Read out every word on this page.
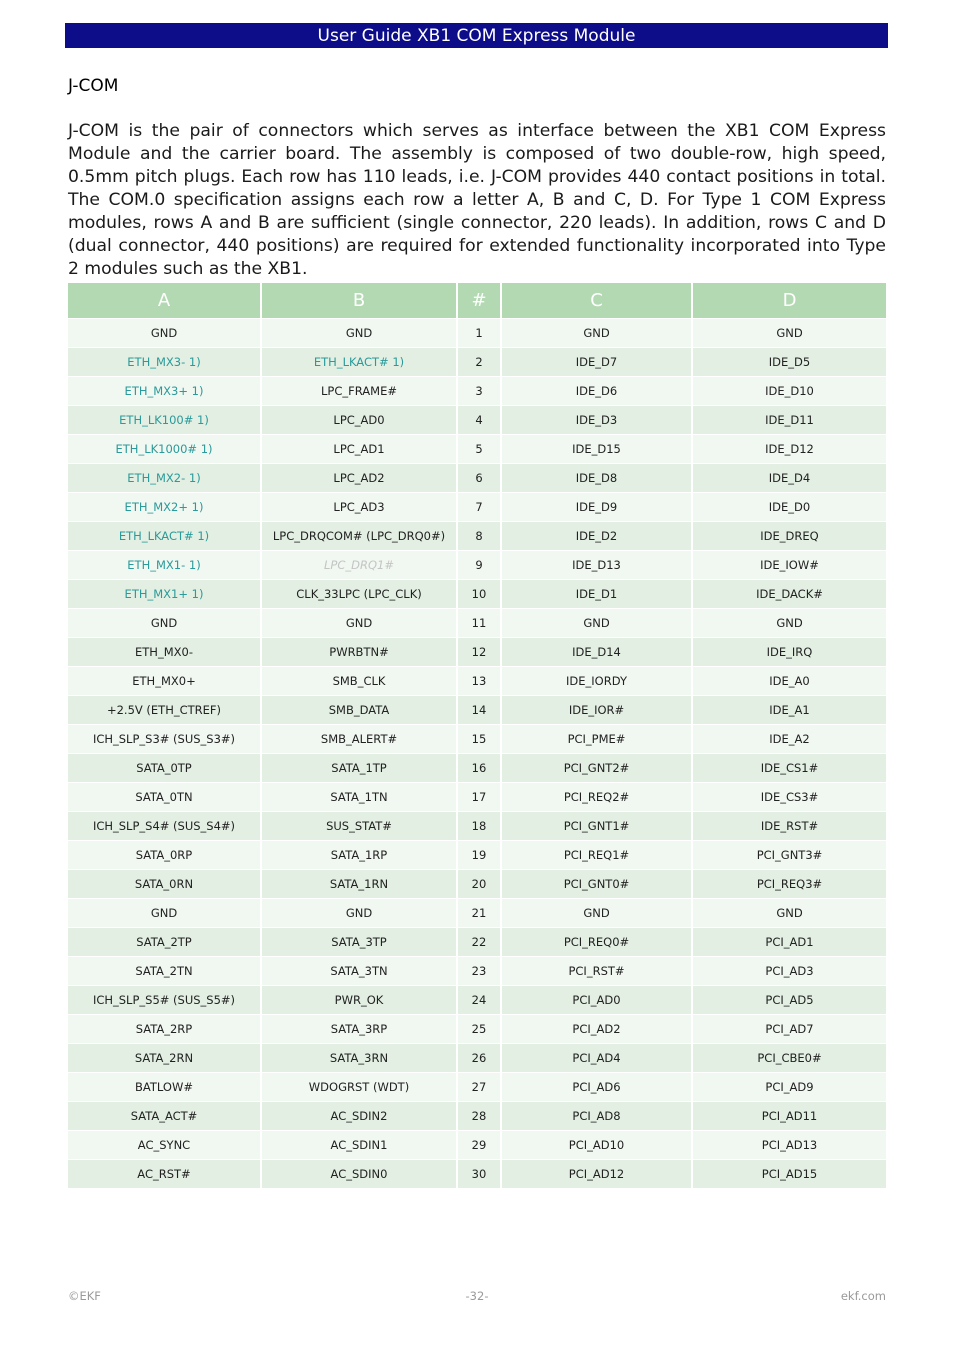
User Guide XB1 COM Express Module
J-COM

J-COM is the pair of connectors which serves as interface between the XB1 COM Express Module and the carrier board. The assembly is composed of two double-row, high speed, 0.5mm pitch plugs. Each row has 110 leads, i.e. J-COM provides 440 contact positions in total. The COM.0 specification assigns each row a letter A, B and C, D. For Type 1 COM Express modules, rows A and B are sufficient (single connector, 220 leads). In addition, rows C and D (dual connector, 440 positions) are required for extended functionality incorporated into Type 2 modules such as the XB1.

A	B	#	C	D
GND	GND	1	GND	GND
ETH_MX3- 1)	ETH_LKACT# 1)	2	IDE_D7	IDE_D5
ETH_MX3+ 1)	LPC_FRAME#	3	IDE_D6	IDE_D10
ETH_LK100# 1)	LPC_AD0	4	IDE_D3	IDE_D11
ETH_LK1000# 1)	LPC_AD1	5	IDE_D15	IDE_D12
ETH_MX2- 1)	LPC_AD2	6	IDE_D8	IDE_D4
ETH_MX2+ 1)	LPC_AD3	7	IDE_D9	IDE_D0
ETH_LKACT# 1)	LPC_DRQCOM# (LPC_DRQ0#)	8	IDE_D2	IDE_DREQ
ETH_MX1- 1)	LPC_DRQ1#	9	IDE_D13	IDE_IOW#
ETH_MX1+ 1)	CLK_33LPC (LPC_CLK)	10	IDE_D1	IDE_DACK#
GND	GND	11	GND	GND
ETH_MX0-	PWRBTN#	12	IDE_D14	IDE_IRQ
ETH_MX0+	SMB_CLK	13	IDE_IORDY	IDE_A0
+2.5V (ETH_CTREF)	SMB_DATA	14	IDE_IOR#	IDE_A1
ICH_SLP_S3# (SUS_S3#)	SMB_ALERT#	15	PCI_PME#	IDE_A2
SATA_0TP	SATA_1TP	16	PCI_GNT2#	IDE_CS1#
SATA_0TN	SATA_1TN	17	PCI_REQ2#	IDE_CS3#
ICH_SLP_S4# (SUS_S4#)	SUS_STAT#	18	PCI_GNT1#	IDE_RST#
SATA_0RP	SATA_1RP	19	PCI_REQ1#	PCI_GNT3#
SATA_0RN	SATA_1RN	20	PCI_GNT0#	PCI_REQ3#
GND	GND	21	GND	GND
SATA_2TP	SATA_3TP	22	PCI_REQ0#	PCI_AD1
SATA_2TN	SATA_3TN	23	PCI_RST#	PCI_AD3
ICH_SLP_S5# (SUS_S5#)	PWR_OK	24	PCI_AD0	PCI_AD5
SATA_2RP	SATA_3RP	25	PCI_AD2	PCI_AD7
SATA_2RN	SATA_3RN	26	PCI_AD4	PCI_CBE0#
BATLOW#	WDOGRST (WDT)	27	PCI_AD6	PCI_AD9
SATA_ACT#	AC_SDIN2	28	PCI_AD8	PCI_AD11
AC_SYNC	AC_SDIN1	29	PCI_AD10	PCI_AD13
AC_RST#	AC_SDIN0	30	PCI_AD12	PCI_AD15
©EKF	-32-	ekf.com
